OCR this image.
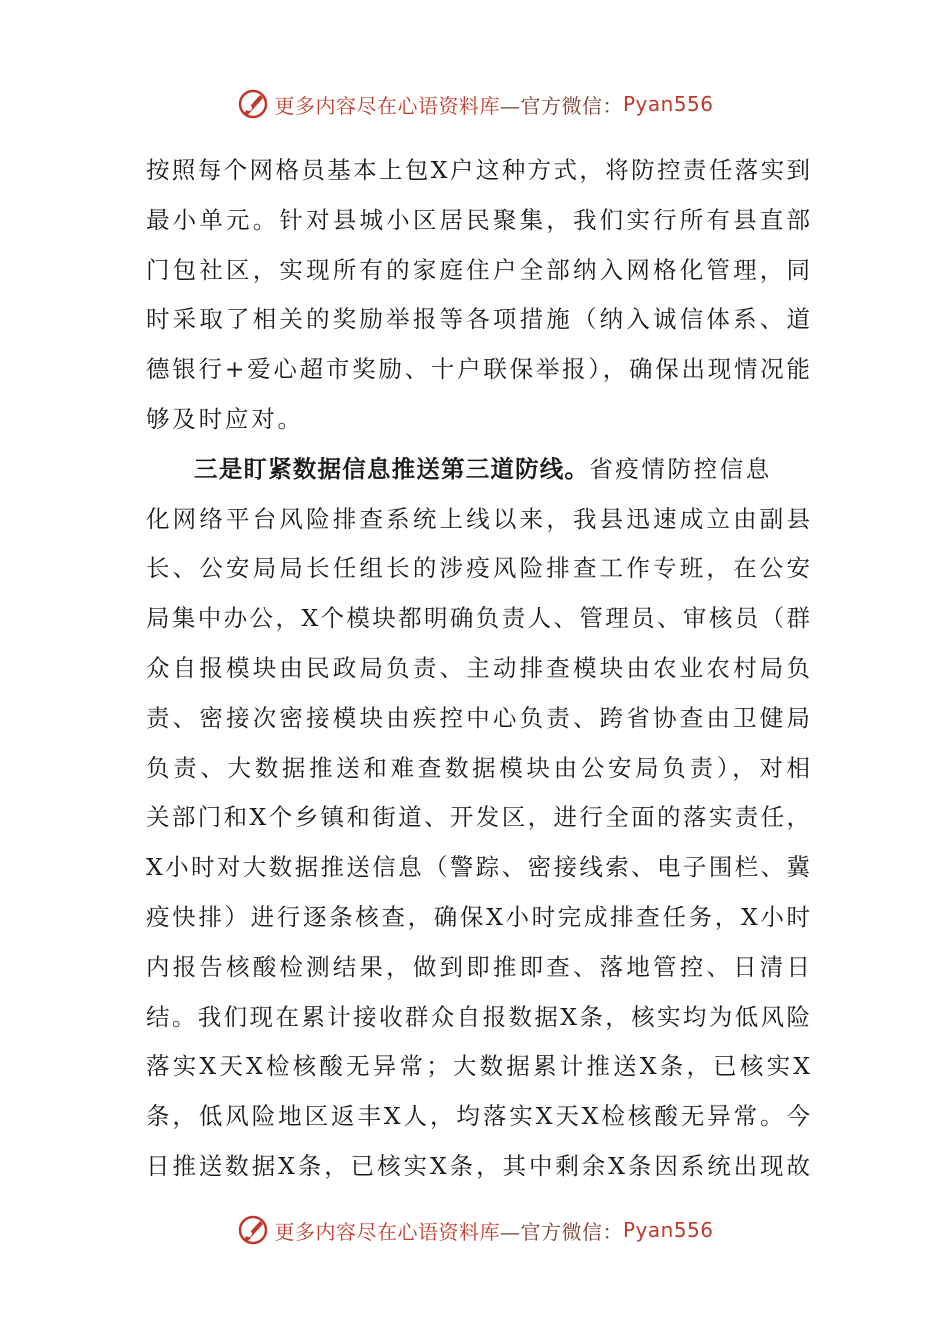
更多内容尽在心语资料库 —官方微信： Pyan556
按照每个网格员基本上包X户这种方式，将防控责任落实到
最小单元。针对县城小区居民聚集，我们实行所有县直部
门包社区，实现所有的家庭住户全部纳入网格化管理，同
时采取了相关的奖励举报等各项措施（纳入诚信体系、道
德银行+爱心超市奖励、十户联保举报），确保出现情况能
够及时应对。
三是盯紧数据信息推送第三道防线。省疫情防控信息
化网络平台风险排查系统上线以来，我县迅速成立由副县
长、公安局局长任组长的涉疫风险排查工作专班，在公安
局集中办公，X个模块都明确负责人、管理员、审核员（群
众自报模块由民政局负责、主动排查模块由农业农村局负
责、密接次密接模块由疾控中心负责、跨省协查由卫健局
负责、大数据推送和难查数据模块由公安局负责），对相
关部门和X个乡镇和街道、开发区，进行全面的落实责任，
X小时对大数据推送信息（警踪、密接线索、电子围栏、冀
疫快排）进行逐条核查，确保X小时完成排查任务，X小时
内报告核酸检测结果，做到即推即查、落地管控、日清日
结。我们现在累计接收群众自报数据X条，核实均为低风险
落实X天X检核酸无异常；大数据累计推送X条，已核实X
条，低风险地区返丰X人，均落实X天X检核酸无异常。今
日推送数据X条，已核实X条，其中剩余X条因系统出现故
更多内容尽在心语资料库 —官方微信： Pyan556
